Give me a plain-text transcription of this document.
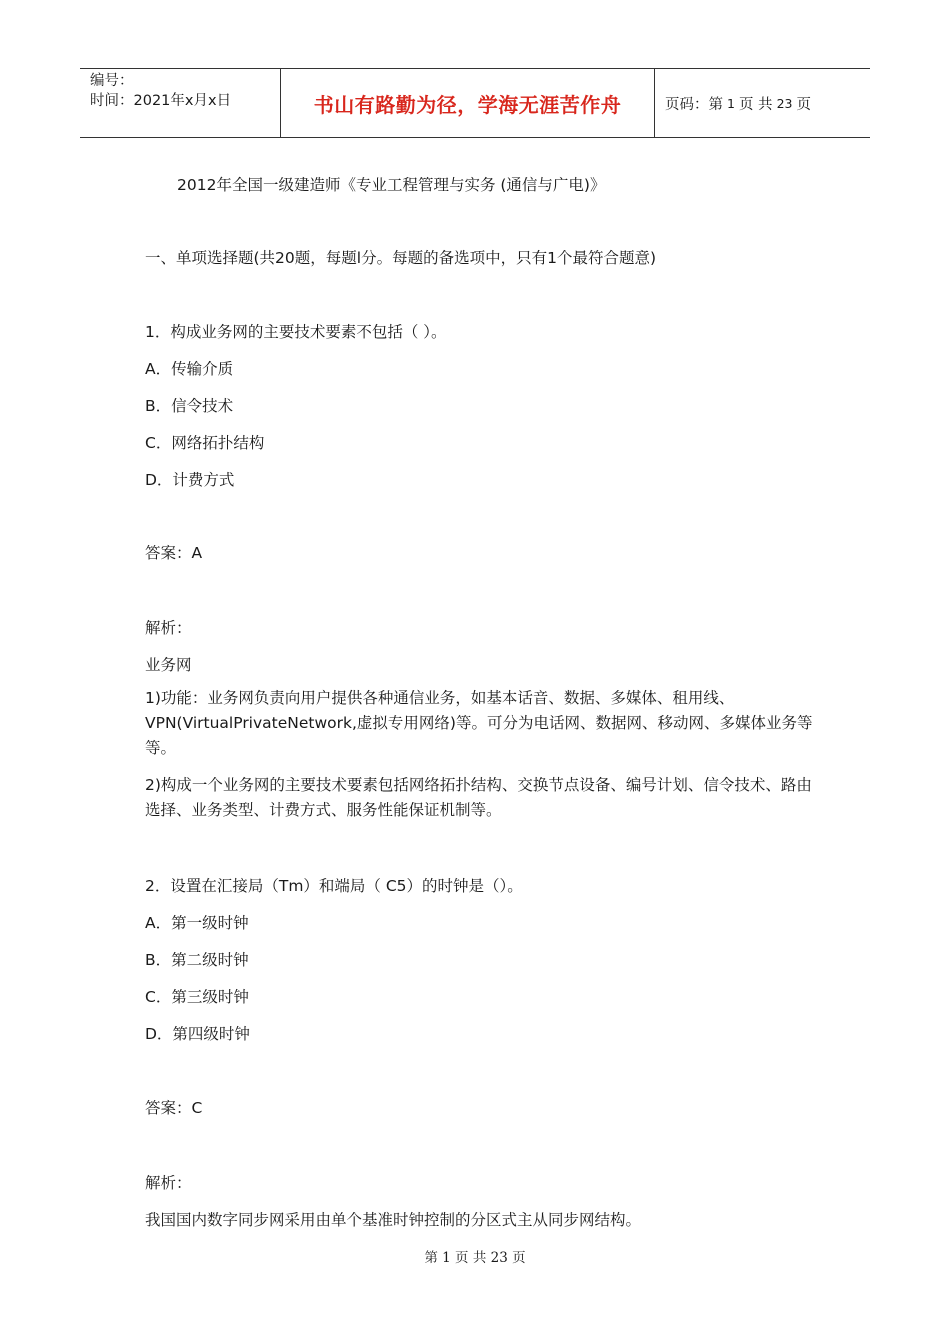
编号：
时间：2021年x月x日	书山有路勤为径，学海无涯苦作舟	页码：第 1 页 共 23 页
2012年全国一级建造师《专业工程管理与实务 (通信与广电)》
一、单项选择题(共20题，每题l分。每题的备选项中，只有1个最符合题意)
1．构成业务网的主要技术要素不包括（ ）。
A．传输介质
B．信令技术
C．网络拓扑结构
D．计费方式
答案：A
解析：
业务网
1)功能：业务网负责向用户提供各种通信业务，如基本话音、数据、多媒体、租用线、VPN(VirtualPrivateNetwork,虚拟专用网络)等。可分为电话网、数据网、移动网、多媒体业务等等。
2)构成一个业务网的主要技术要素包括网络拓扑结构、交换节点设备、编号计划、信令技术、路由选择、业务类型、计费方式、服务性能保证机制等。
2．设置在汇接局（Tm）和端局（ C5）的时钟是（）。
A．第一级时钟
B．第二级时钟
C．第三级时钟
D．第四级时钟
答案：C
解析：
我国国内数字同步网采用由单个基准时钟控制的分区式主从同步网结构。
第 1 页 共 23 页
